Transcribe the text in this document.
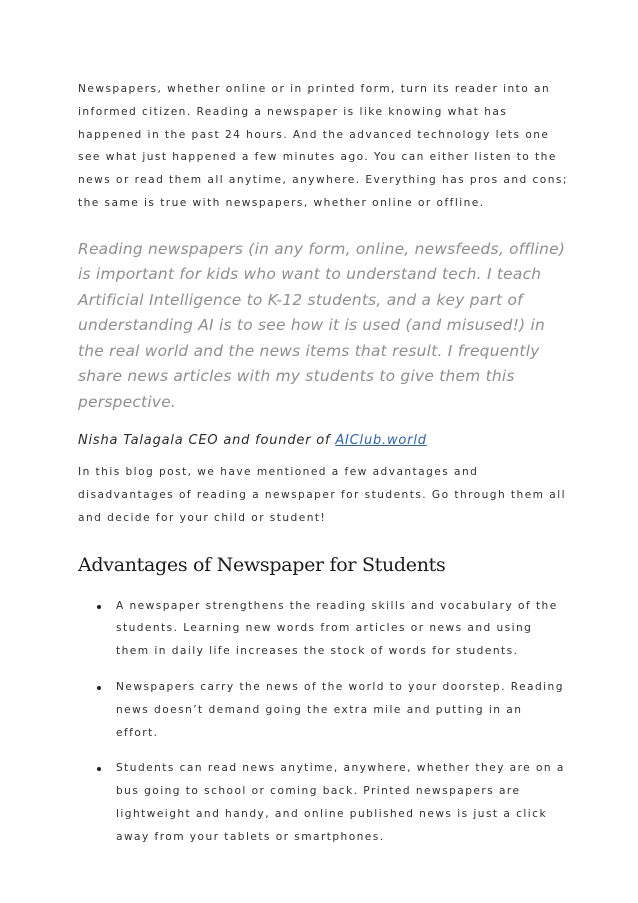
Newspapers, whether online or in printed form, turn its reader into an informed citizen. Reading a newspaper is like knowing what has happened in the past 24 hours. And the advanced technology lets one see what just happened a few minutes ago. You can either listen to the news or read them all anytime, anywhere. Everything has pros and cons; the same is true with newspapers, whether online or offline.

Reading newspapers (in any form, online, newsfeeds, offline) is important for kids who want to understand tech. I teach Artificial Intelligence to K-12 students, and a key part of understanding AI is to see how it is used (and misused!) in the real world and the news items that result. I frequently share news articles with my students to give them this perspective.

Nisha Talagala CEO and founder of AIClub.world

In this blog post, we have mentioned a few advantages and disadvantages of reading a newspaper for students. Go through them all and decide for your child or student!

Advantages of Newspaper for Students
A newspaper strengthens the reading skills and vocabulary of the students. Learning new words from articles or news and using them in daily life increases the stock of words for students.
Newspapers carry the news of the world to your doorstep. Reading news doesn’t demand going the extra mile and putting in an effort.
Students can read news anytime, anywhere, whether they are on a bus going to school or coming back. Printed newspapers are lightweight and handy, and online published news is just a click away from your tablets or smartphones.
